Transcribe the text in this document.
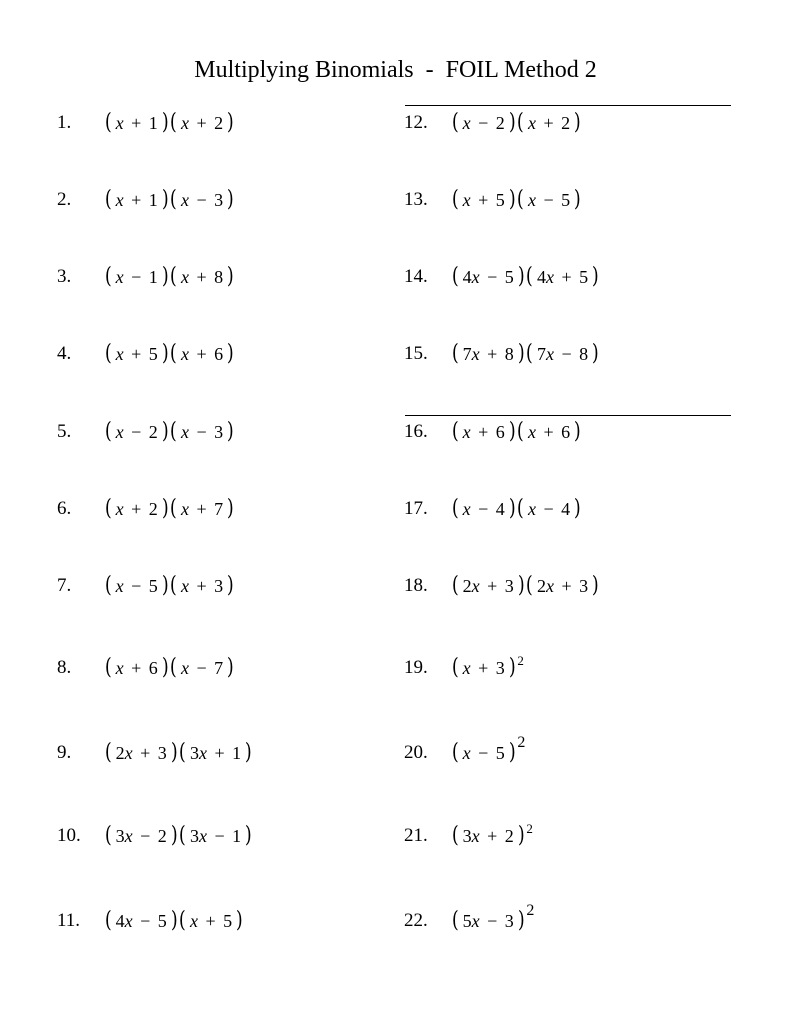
Multiplying Binomials  -  FOIL Method 2
1. ( x + 1 ) ( x + 2 )
2. ( x + 1 ) ( x − 3 )
3. ( x − 1 ) ( x + 8 )
4. ( x + 5 ) ( x + 6 )
5. ( x − 2 ) ( x − 3 )
6. ( x + 2 ) ( x + 7 )
7. ( x − 5 ) ( x + 3 )
8. ( x + 6 ) ( x − 7 )
9. ( 2x + 3 ) ( 3x + 1 )
10. ( 3x − 2 ) ( 3x − 1 )
11. ( 4x − 5 ) ( x + 5 )
12. ( x − 2 ) ( x + 2 )
13. ( x + 5 ) ( x − 5 )
14. ( 4x − 5 ) ( 4x + 5 )
15. ( 7x + 8 ) ( 7x − 8 )
16. ( x + 6 ) ( x + 6 )
17. ( x − 4 ) ( x − 4 )
18. ( 2x + 3 ) ( 2x + 3 )
19. ( x + 3 )$^2$
20. ( x − 5 )$^2$
21. ( 3x + 2 )$^2$
22. ( 5x − 3 )$^2$
